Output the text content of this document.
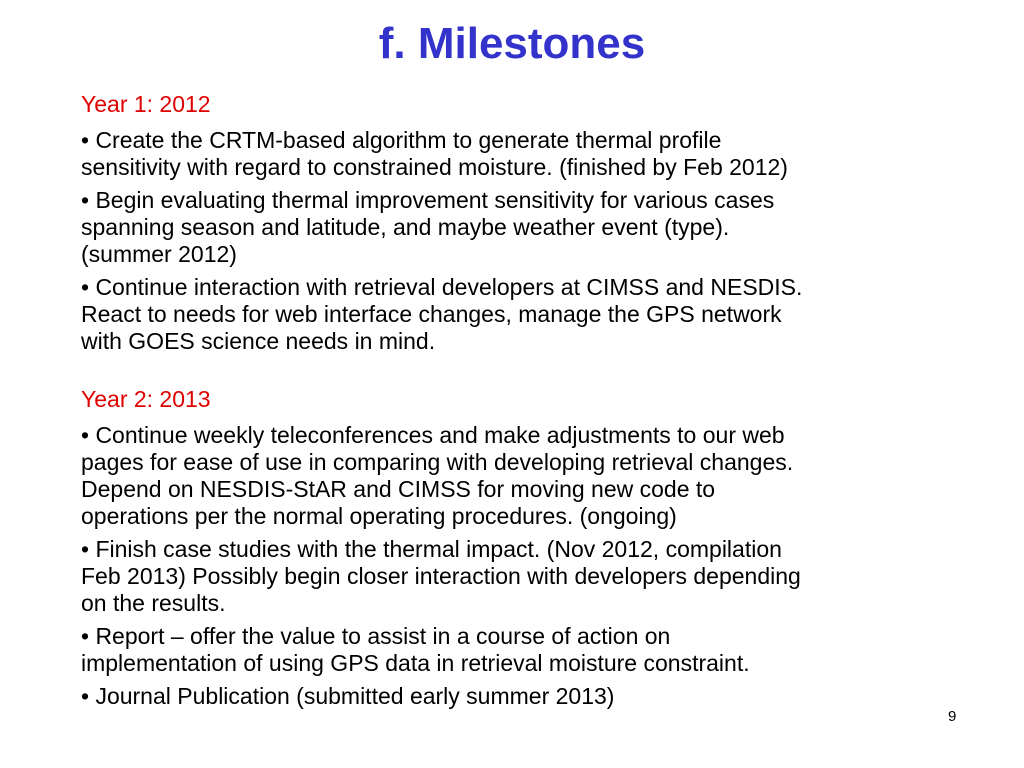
f. Milestones
Year 1: 2012
• Create the CRTM-based algorithm to generate thermal profile
sensitivity with regard to constrained moisture. (finished by Feb 2012)
• Begin evaluating thermal improvement sensitivity for various cases
spanning season and latitude, and maybe weather event (type).
(summer 2012)
• Continue interaction with retrieval developers at CIMSS and NESDIS.
React to needs for web interface changes, manage the GPS network
with GOES science needs in mind.
Year 2: 2013
• Continue weekly teleconferences and make adjustments to our web
pages for ease of use in comparing with developing retrieval changes.
Depend on NESDIS-StAR and CIMSS for moving new code to
operations per the normal operating procedures. (ongoing)
• Finish case studies with the thermal impact. (Nov 2012, compilation
Feb 2013) Possibly begin closer interaction with developers depending
on the results.
• Report – offer the value to assist in a course of action on
implementation of using GPS data in retrieval moisture constraint.
• Journal Publication (submitted early summer 2013)
9
